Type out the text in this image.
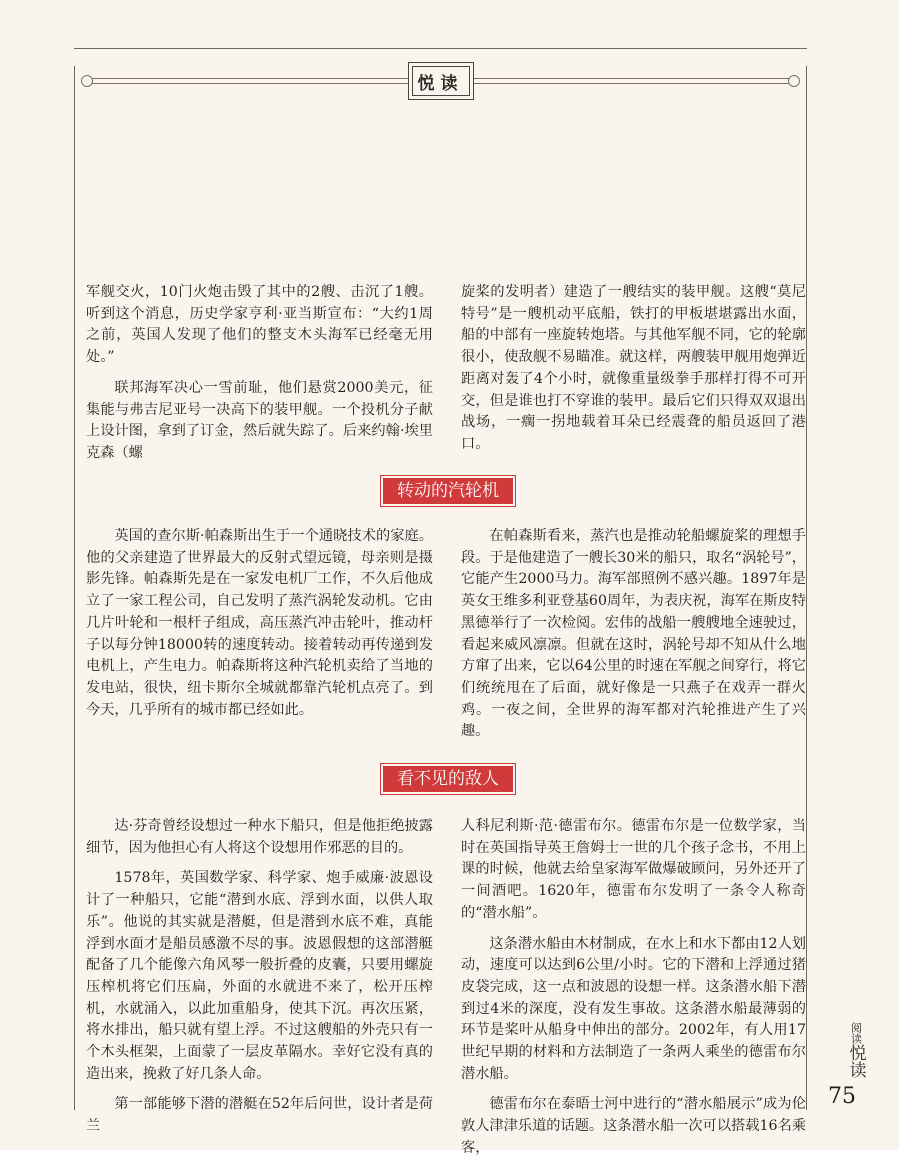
悦读

军舰交火，10门火炮击毁了其中的2艘、击沉了1艘。听到这个消息，历史学家亨利·亚当斯宣布：“大约1周之前，英国人发现了他们的整支木头海军已经毫无用处。”

联邦海军决心一雪前耻，他们悬赏2000美元，征集能与弗吉尼亚号一决高下的装甲舰。一个投机分子献上设计图，拿到了订金，然后就失踪了。后来约翰·埃里克森（螺

旋桨的发明者）建造了一艘结实的装甲舰。这艘“莫尼特号”是一艘机动平底船，铁打的甲板堪堪露出水面，船的中部有一座旋转炮塔。与其他军舰不同，它的轮廓很小，使敌舰不易瞄准。就这样，两艘装甲舰用炮弹近距离对轰了4个小时，就像重量级拳手那样打得不可开交，但是谁也打不穿谁的装甲。最后它们只得双双退出战场，一瘸一拐地载着耳朵已经震聋的船员返回了港口。

转动的汽轮机

英国的查尔斯·帕森斯出生于一个通晓技术的家庭。他的父亲建造了世界最大的反射式望远镜，母亲则是摄影先锋。帕森斯先是在一家发电机厂工作，不久后他成立了一家工程公司，自己发明了蒸汽涡轮发动机。它由几片叶轮和一根杆子组成，高压蒸汽冲击轮叶，推动杆子以每分钟18000转的速度转动。接着转动再传递到发电机上，产生电力。帕森斯将这种汽轮机卖给了当地的发电站，很快，纽卡斯尔全城就都靠汽轮机点亮了。到今天，几乎所有的城市都已经如此。

在帕森斯看来，蒸汽也是推动轮船螺旋桨的理想手段。于是他建造了一艘长30米的船只，取名“涡轮号”，它能产生2000马力。海军部照例不感兴趣。1897年是英女王维多利亚登基60周年，为表庆祝，海军在斯皮特黑德举行了一次检阅。宏伟的战船一艘艘地全速驶过，看起来威风凛凛。但就在这时，涡轮号却不知从什么地方窜了出来，它以64公里的时速在军舰之间穿行，将它们统统甩在了后面，就好像是一只燕子在戏弄一群火鸡。一夜之间，全世界的海军都对汽轮推进产生了兴趣。

看不见的敌人

达·芬奇曾经设想过一种水下船只，但是他拒绝披露细节，因为他担心有人将这个设想用作邪恶的目的。

1578年，英国数学家、科学家、炮手威廉·波恩设计了一种船只，它能“潜到水底、浮到水面，以供人取乐”。他说的其实就是潜艇，但是潜到水底不难，真能浮到水面才是船员感激不尽的事。波恩假想的这部潜艇配备了几个能像六角风琴一般折叠的皮囊，只要用螺旋压榨机将它们压扁，外面的水就进不来了，松开压榨机，水就涌入，以此加重船身，使其下沉。再次压紧，将水排出，船只就有望上浮。不过这艘船的外壳只有一个木头框架，上面蒙了一层皮革隔水。幸好它没有真的造出来，挽救了好几条人命。

第一部能够下潜的潜艇在52年后问世，设计者是荷兰

人科尼利斯·范·德雷布尔。德雷布尔是一位数学家，当时在英国指导英王詹姆士一世的几个孩子念书，不用上课的时候，他就去给皇家海军做爆破顾问，另外还开了一间酒吧。1620年，德雷布尔发明了一条令人称奇的“潜水船”。

这条潜水船由木材制成，在水上和水下都由12人划动，速度可以达到6公里/小时。它的下潜和上浮通过猪皮袋完成，这一点和波恩的设想一样。这条潜水船下潜到过4米的深度，没有发生事故。这条潜水船最薄弱的环节是桨叶从船身中伸出的部分。2002年，有人用17世纪早期的材料和方法制造了一条两人乘坐的德雷布尔潜水船。

德雷布尔在泰晤士河中进行的“潜水船展示”成为伦敦人津津乐道的话题。这条潜水船一次可以搭载16名乘客，

阅读悦读
75
